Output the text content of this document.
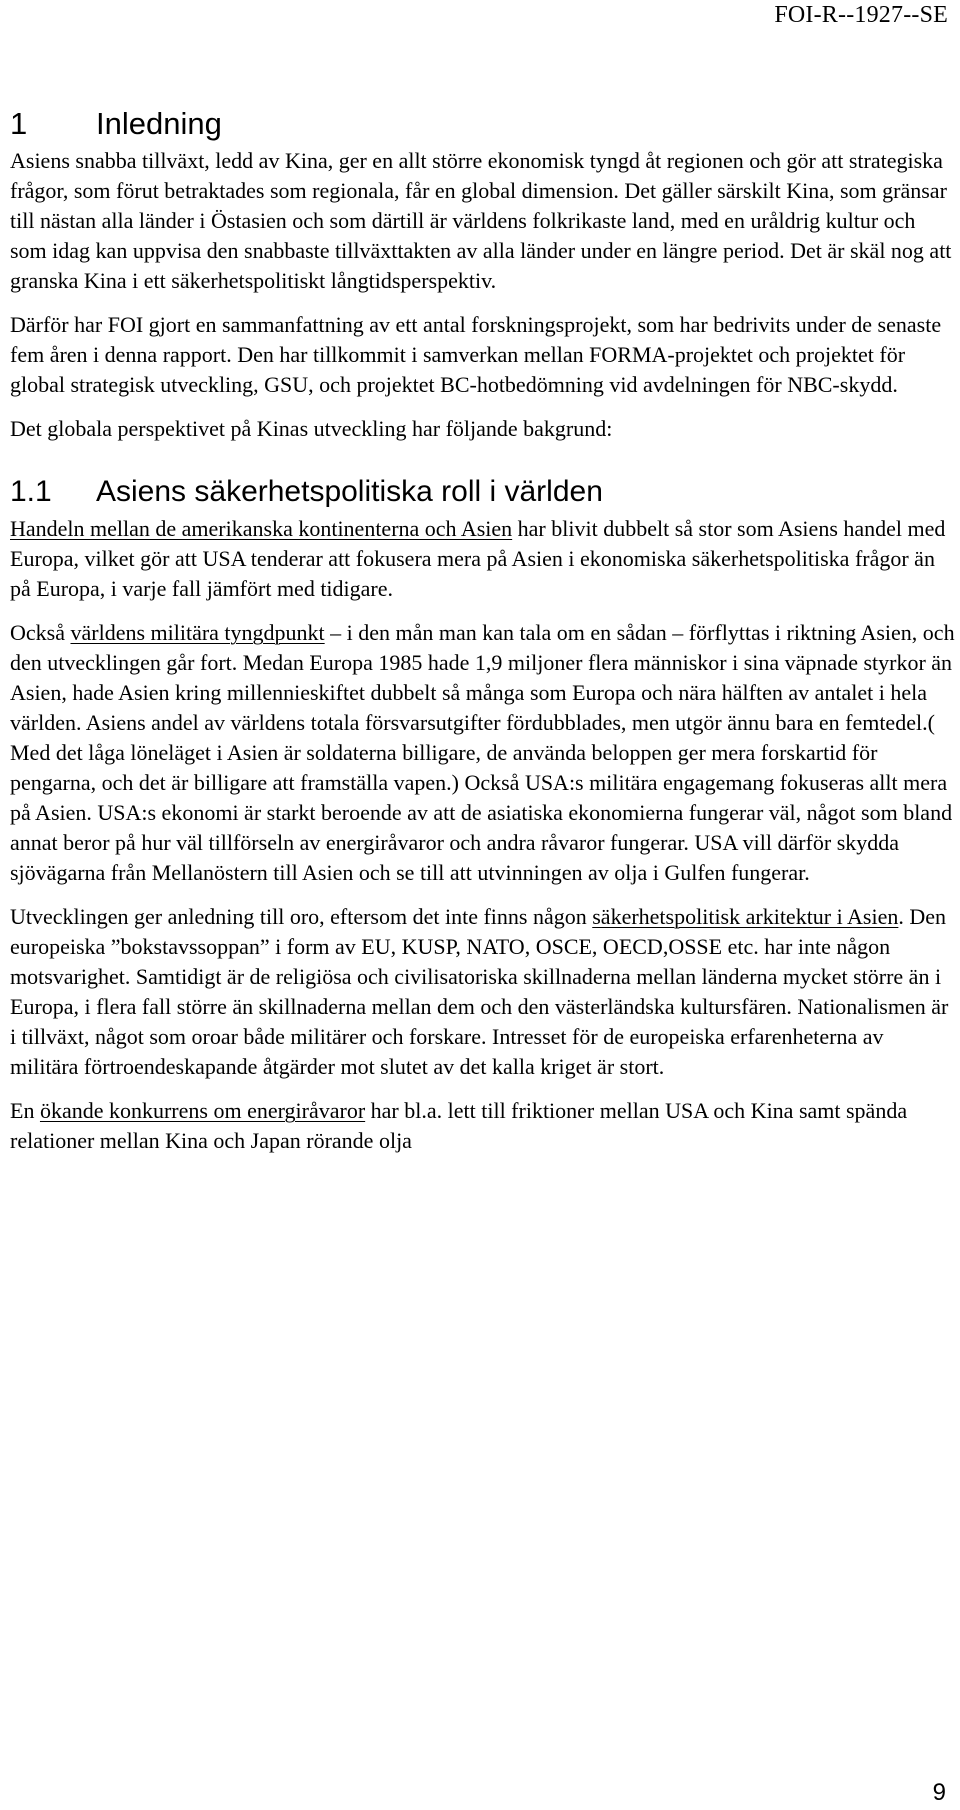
FOI-R--1927--SE
1 Inledning

Asiens snabba tillväxt, ledd av Kina, ger en allt större ekonomisk tyngd åt regionen och gör att strategiska frågor, som förut betraktades som regionala, får en global dimension. Det gäller särskilt Kina, som gränsar till nästan alla länder i Östasien och som därtill är världens folkrikaste land, med en uråldrig kultur och som idag kan uppvisa den snabbaste tillväxttakten av alla länder under en längre period. Det är skäl nog att granska Kina i ett säkerhetspolitiskt långtidsperspektiv.

Därför har FOI gjort en sammanfattning av ett antal forskningsprojekt, som har bedrivits under de senaste fem åren i denna rapport. Den har tillkommit i samverkan mellan FORMA-projektet och projektet för global strategisk utveckling, GSU, och projektet BC-hotbedömning vid avdelningen för NBC-skydd.

Det globala perspektivet på Kinas utveckling har följande bakgrund:

1.1 Asiens säkerhetspolitiska roll i världen

Handeln mellan de amerikanska kontinenterna och Asien har blivit dubbelt så stor som Asiens handel med Europa, vilket gör att USA tenderar att fokusera mera på Asien i ekonomiska säkerhetspolitiska frågor än på Europa, i varje fall jämfört med tidigare.

Också världens militära tyngdpunkt – i den mån man kan tala om en sådan – förflyttas i riktning Asien, och den utvecklingen går fort. Medan Europa 1985 hade 1,9 miljoner flera människor i sina väpnade styrkor än Asien, hade Asien kring millennieskiftet dubbelt så många som Europa och nära hälften av antalet i hela världen. Asiens andel av världens totala försvarsutgifter fördubblades, men utgör ännu bara en femtedel.( Med det låga löneläget i Asien är soldaterna billigare, de använda beloppen ger mera forskartid för pengarna, och det är billigare att framställa vapen.) Också USA:s militära engagemang fokuseras allt mera på Asien. USA:s ekonomi är starkt beroende av att de asiatiska ekonomierna fungerar väl, något som bland annat beror på hur väl tillförseln av energiråvaror och andra råvaror fungerar. USA vill därför skydda sjövägarna från Mellanöstern till Asien och se till att utvinningen av olja i Gulfen fungerar.

Utvecklingen ger anledning till oro, eftersom det inte finns någon säkerhetspolitisk arkitektur i Asien. Den europeiska ”bokstavssoppan” i form av EU, KUSP, NATO, OSCE, OECD,OSSE etc. har inte någon motsvarighet. Samtidigt är de religiösa och civilisatoriska skillnaderna mellan länderna mycket större än i Europa, i flera fall större än skillnaderna mellan dem och den västerländska kultursfären. Nationalismen är i tillväxt, något som oroar både militärer och forskare. Intresset för de europeiska erfarenheterna av militära förtroendeskapande åtgärder mot slutet av det kalla kriget är stort.

En ökande konkurrens om energiråvaror har bl.a. lett till friktioner mellan USA och Kina samt spända relationer mellan Kina och Japan rörande olja

9
